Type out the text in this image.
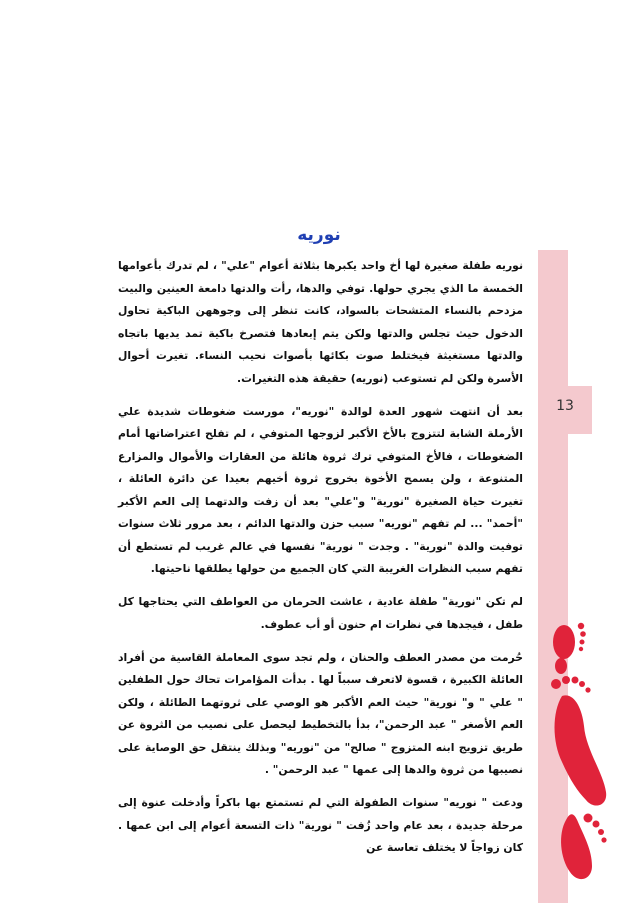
13
نوريه

نوريه طفلة صغيرة لها أخ واحد يكبرها بثلاثة أعوام "علي" ، لم تدرك بأعوامها الخمسة ما الذي يجري حولها. توفي والدها، رأت والدتها دامعة العينين والبيت مزدحم بالنساء المتشحات بالسواد، كانت تنظر إلى وجوههن الباكية تحاول الدخول حيث تجلس والدتها ولكن يتم إبعادها فتصرخ باكية تمد يديها باتجاه والدتها مستغيثة فيختلط صوت بكائها بأصوات نحيب النساء. تغيرت أحوال الأسرة ولكن لم تستوعب (نوريه) حقيقة هذه التغيرات.

بعد أن انتهت شهور العدة لوالدة "نوريه"، مورست ضغوطات شديدة علي الأرملة الشابة لتتزوج بالأخ الأكبر لزوجها المتوفي ، لم تفلح اعتراضاتها أمام الضغوطات ، فالأخ المتوفي ترك ثروة هائلة من العقارات والأموال والمزارع المتنوعة ، ولن يسمح الأخوة بخروج ثروة أخيهم بعيدا عن دائرة العائلة ، تغيرت حياة الصغيرة "نورية" و"علي" بعد أن زفت والدتهما إلى العم الأكبر "أحمد" ... لم تفهم "نوريه" سبب حزن والدتها الدائم ، بعد مرور ثلاث سنوات توفيت والدة "نورية" . وجدت " نورية" نفسها في عالم غريب لم تستطع أن تفهم سبب النظرات الغريبة التي كان الجميع من حولها يطلقها ناحيتها.

لم تكن "نورية" طفلة عادية ، عاشت الحرمان من العواطف التي يحتاجها كل طفل ، فيجدها في نظرات ام حنون أو أب عطوف.

حُرمت من مصدر العطف والحنان ، ولم تجد سوى المعاملة القاسية من أفراد العائلة الكبيرة ، قسوة لاتعرف سبباً لها . بدأت المؤامرات تحاك حول الطفلين " علي " و" نورية" حيث العم الأكبر هو الوصي على ثروتهما الطائلة ، ولكن العم الأصغر " عبد الرحمن"، بدأ بالتخطيط ليحصل على نصيب من الثروة عن طريق تزويج ابنه المتزوج " صالح" من "نوريه" وبذلك ينتقل حق الوصاية على نصيبها من ثروة والدها إلى عمها " عبد الرحمن" .

ودعت " نوريه" سنوات الطفولة التي لم تستمتع بها باكراً وأدخلت عنوة إلى مرحلة جديدة ، بعد عام واحد زُفت " نورية" ذات التسعة أعوام إلى ابن عمها . كان زواجاً لا يختلف تعاسة عن
